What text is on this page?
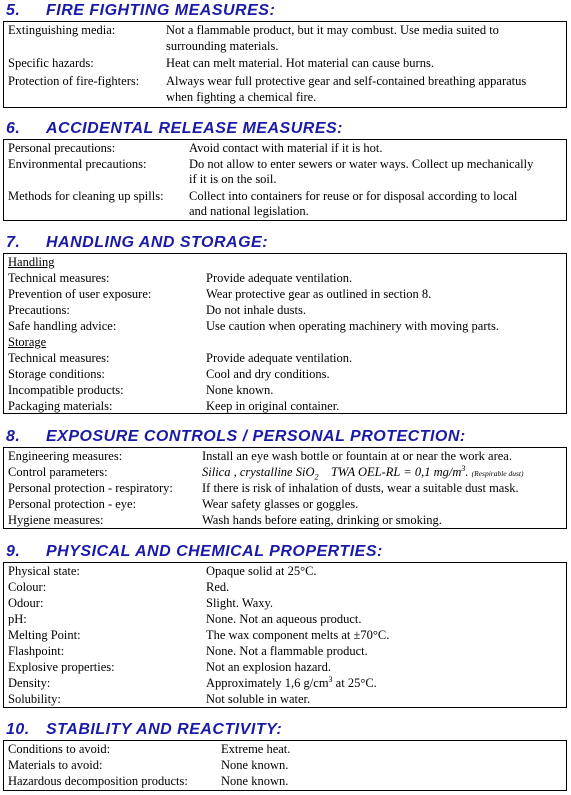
5. FIRE FIGHTING MEASURES:
Extinguishing media:	Not a flammable product, but it may combust. Use media suited to
surrounding materials.
Specific hazards:	Heat can melt material. Hot material can cause burns.
Protection of fire-fighters: Always wear full protective gear and self-contained breathing apparatus
when fighting a chemical fire.
6. ACCIDENTAL RELEASE MEASURES:
Personal precautions:	Avoid contact with material if it is hot.
Environmental precautions:	Do not allow to enter sewers or water ways. Collect up mechanically
if it is on the soil.
Methods for cleaning up spills: Collect into containers for reuse or for disposal according to local
and national legislation.
7. HANDLING AND STORAGE:
Handling
Technical measures:	Provide adequate ventilation.
Prevention of user exposure:	Wear protective gear as outlined in section 8.
Precautions:	Do not inhale dusts.
Safe handling advice:	Use caution when operating machinery with moving parts.
Storage
Technical measures:	Provide adequate ventilation.
Storage conditions:	Cool and dry conditions.
Incompatible products:	None known.
Packaging materials:	Keep in original container.
8. EXPOSURE CONTROLS / PERSONAL PROTECTION:
Engineering measures:	Install an eye wash bottle or fountain at or near the work area.
Control parameters:	Silica , crystalline SiO$_2$ TWA OEL-RL = 0,1 $mg/m^3$. (Respirable dust)
Personal protection - respiratory: If there is risk of inhalation of dusts, wear a suitable dust mask.
Personal protection - eye:	Wear safety glasses or goggles.
Hygiene measures:	Wash hands before eating, drinking or smoking.
9. PHYSICAL AND CHEMICAL PROPERTIES:
Physical state:	Opaque solid at 25°C.
Colour:	Red.
Odour:	Slight. Waxy.
pH:	None. Not an aqueous product.
Melting Point:	The wax component melts at ±70°C.
Flashpoint:	None. Not a flammable product.
Explosive properties:	Not an explosion hazard.
Density:	Approximately 1,6 $g/cm^3$ at 25°C.
Solubility:	Not soluble in water.
10. STABILITY AND REACTIVITY:
Conditions to avoid:	Extreme heat.
Materials to avoid:	None known.
Hazardous decomposition products:	None known.
